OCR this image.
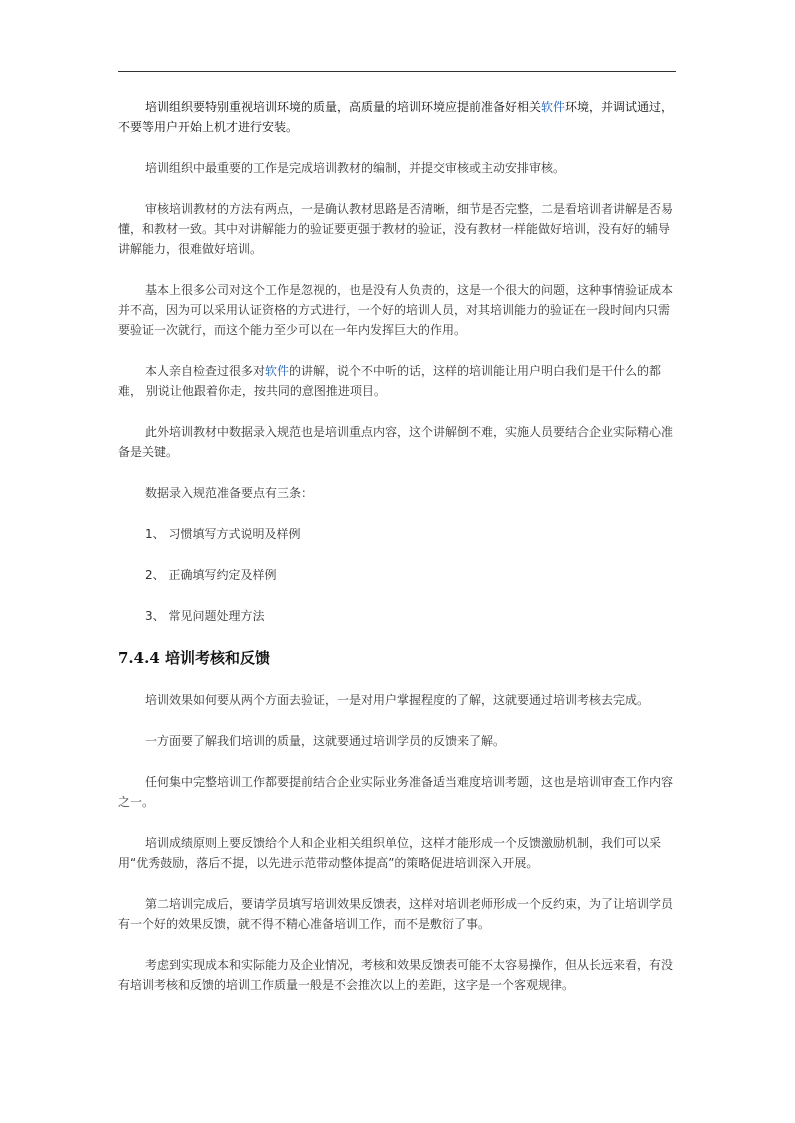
培训组织要特别重视培训环境的质量，高质量的培训环境应提前准备好相关软件环境，并调试通过，不要等用户开始上机才进行安装。

培训组织中最重要的工作是完成培训教材的编制，并提交审核或主动安排审核。

审核培训教材的方法有两点，一是确认教材思路是否清晰，细节是否完整，二是看培训者讲解是否易懂，和教材一致。其中对讲解能力的验证要更强于教材的验证，没有教材一样能做好培训，没有好的辅导讲解能力，很难做好培训。

基本上很多公司对这个工作是忽视的，也是没有人负责的，这是一个很大的问题，这种事情验证成本并不高，因为可以采用认证资格的方式进行，一个好的培训人员，对其培训能力的验证在一段时间内只需要验证一次就行，而这个能力至少可以在一年内发挥巨大的作用。

本人亲自检查过很多对软件的讲解，说个不中听的话，这样的培训能让用户明白我们是干什么的都难， 别说让他跟着你走，按共同的意图推进项目。

此外培训教材中数据录入规范也是培训重点内容，这个讲解倒不难，实施人员要结合企业实际精心准备是关键。

数据录入规范准备要点有三条：

1、 习惯填写方式说明及样例

2、 正确填写约定及样例

3、 常见问题处理方法

7.4.4 培训考核和反馈

培训效果如何要从两个方面去验证，一是对用户掌握程度的了解，这就要通过培训考核去完成。

一方面要了解我们培训的质量，这就要通过培训学员的反馈来了解。

任何集中完整培训工作都要提前结合企业实际业务准备适当难度培训考题，这也是培训审查工作内容之一。

培训成绩原则上要反馈给个人和企业相关组织单位，这样才能形成一个反馈激励机制，我们可以采用“优秀鼓励，落后不提，以先进示范带动整体提高”的策略促进培训深入开展。

第二培训完成后，要请学员填写培训效果反馈表，这样对培训老师形成一个反约束，为了让培训学员有一个好的效果反馈，就不得不精心准备培训工作，而不是敷衍了事。

考虑到实现成本和实际能力及企业情况，考核和效果反馈表可能不太容易操作，但从长远来看，有没有培训考核和反馈的培训工作质量一般是不会推次以上的差距，这字是一个客观规律。
